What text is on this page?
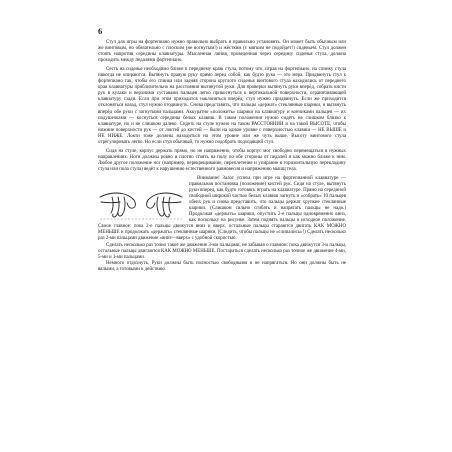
6

Стул для игры на фортепиано нужно правильно выбрать и правильно установить. Он может быть обычным или же винтовым, но обязательно с плоским (не вогнутым!) и жёстким (с мягким не подойдет!) сиденьем. Стул должен стоять напротив середины клавиатуры. Мысленная линия, проведенная через середину сиденья стула, должна проходить между педалями фортепиано.

Сесть на сиденье необходимо ближе к переднему краю стула, потому что, играя на фортепиано, на спинку стула никогда не опираются. Вытянуть правую руку прямо перед собой, как будто рука — это мера. Придвинуть стул к фортепиано так, чтобы его спинка или задняя сторона круглого сиденья винтового стула находились от переднего края клавиатуры приблизительно на расстоянии вытянутой руки. Для проверки вытянуть руки вперёд, собрать кисти рук в кулаки и верхними суставами пальцев легко прикоснуться к вертикальной поверхности, ограничивающей клавиатуру сзади. Если при этом приходится наклоняться вперёд, стул нужно придвинуть. Если же приходится отклоняться назад, стул нужно отодвинуть. Снова представить, что пальцы «держат» стеклянные шарики, и вытянуть вперёд обе руки с загнутыми пальцами. Аккуратно «положить» шарики на клавиатуру и кончиками пальцев — их подушечками — коснуться середины белых клавиш. В таком положении нужно сидеть не слишком близко к клавиатуре, но и не слишком далеко. Сидеть на стуле нужно на таком РАССТОЯНИИ и на такой ВЫСОТЕ, чтобы нижние поверхности рук — от локтей до кистей — были на одном уровне с поверхностью клавиш — НЕ ВЫШЕ и НЕ НИЖЕ. Локти тоже должны находиться на этом уровне или же чуть выше. Высоту винтового стула отрегулировать легко. Но если стул обычный, то нужно подобрать подходящий стул.

Сидя на стуле, корпус держать прямо, но не напряженно, чтобы корпус мог свободно перемещаться в нужных направлениях. Ноги должны ровно и плотно стоять на полу по обе стороны от педалей и как можно ближе к ним. Любое другое положение ног (например, перекрещивание, переплетение и упирание в горизонтальную перекладину стула или пола стула) ведёт к нарушению естественного равновесия и напряжению мышц тела.

Внимание! Залог успеха при игре на фортепианной клавиатуре — правильная постановка (положение) кистей рук. Сидя на стуле, вытянуть руки вперед, как будто готовясь играть на клавиатуре. Прямо на серединой свободной широкой частью белых клавиш загнуть и «собрать» 10 пальцев обеих рук и снова представить, что пальцы держат хрупкие стеклянные шарики. (Слишком сильно сгибать и напрягать пальцы не надо.) Продолжая «держать» шарики, опустить 2-е пальцы одновременно вниз, как поскольку на рисунке. Затем поднять пальцы в исходное положение. Самое главное: пока 2-е пальцы движутся вниз и вверх, остальные пальцы стараются двигать КАК МОЖНО МЕНЬШЕ и продолжать «держать» стеклянные шарики. (Следить, чтобы пальцы не «слипались»!) Сделать несколько раз 2-ми пальцами движение «вниз—вверх» с удобной скоростью.

Сделать несколько раз точно такое же движение 3-ми пальцами, не забывая о главном: пока движутся 3-и пальцы, остальные пальцы двигаются КАК МОЖНО МЕНЬШЕ. Постараться сделать несколько раз точное же движение 4-ми, 5-ми и 1-ми пальцами.

Немного отдохнуть. Руки должны быть полностью свободными и не напрягаться. Но они должны быть не вялыми, а готовыми к действию.
